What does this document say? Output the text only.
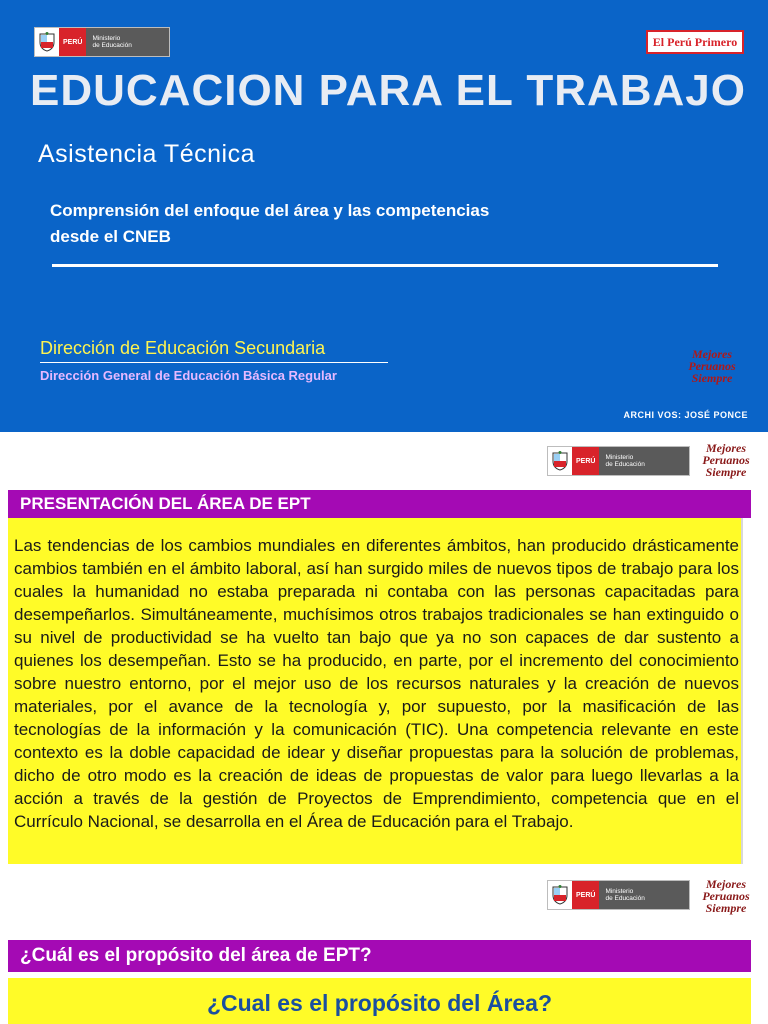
PERÚ	Ministerio
de Educación	El Perú Primero
EDUCACION PARA EL TRABAJO
Asistencia Técnica
Comprensión del enfoque del área y las competencias
desde el CNEB
Dirección de Educación Secundaria
Dirección General de Educación Básica Regular
Mejores
Peruanos
Siempre
ARCHI VOS: JOSÉ PONCE
PERÚ	Ministerio
de Educación
Mejores
Peruanos
Siempre
PRESENTACIÓN DEL ÁREA DE EPT

Las tendencias de los cambios mundiales en diferentes ámbitos, han producido drásticamente cambios también en el ámbito laboral, así han surgido miles de nuevos tipos de trabajo para los cuales la humanidad no estaba preparada ni contaba con las personas capacitadas para desempeñarlos. Simultáneamente, muchísimos otros trabajos tradicionales se han extinguido o su nivel de productividad se ha vuelto tan bajo que ya no son capaces de dar sustento a quienes los desempeñan. Esto se ha producido, en parte, por el incremento del conocimiento sobre nuestro entorno, por el mejor uso de los recursos naturales y la creación de nuevos materiales, por el avance de la tecnología y, por supuesto, por la masificación de las tecnologías de la información y la comunicación (TIC). Una competencia relevante en este contexto es la doble capacidad de idear y diseñar propuestas para la solución de problemas, dicho de otro modo es la creación de ideas de propuestas de valor para luego llevarlas a la acción a través de la gestión de Proyectos de Emprendimiento, competencia que en el Currículo Nacional, se desarrolla en el Área de Educación para el Trabajo.

PERÚ	Ministerio
de Educación
Mejores
Peruanos
Siempre
¿Cuál es el propósito del área de EPT?
¿Cual es el propósito del Área?
